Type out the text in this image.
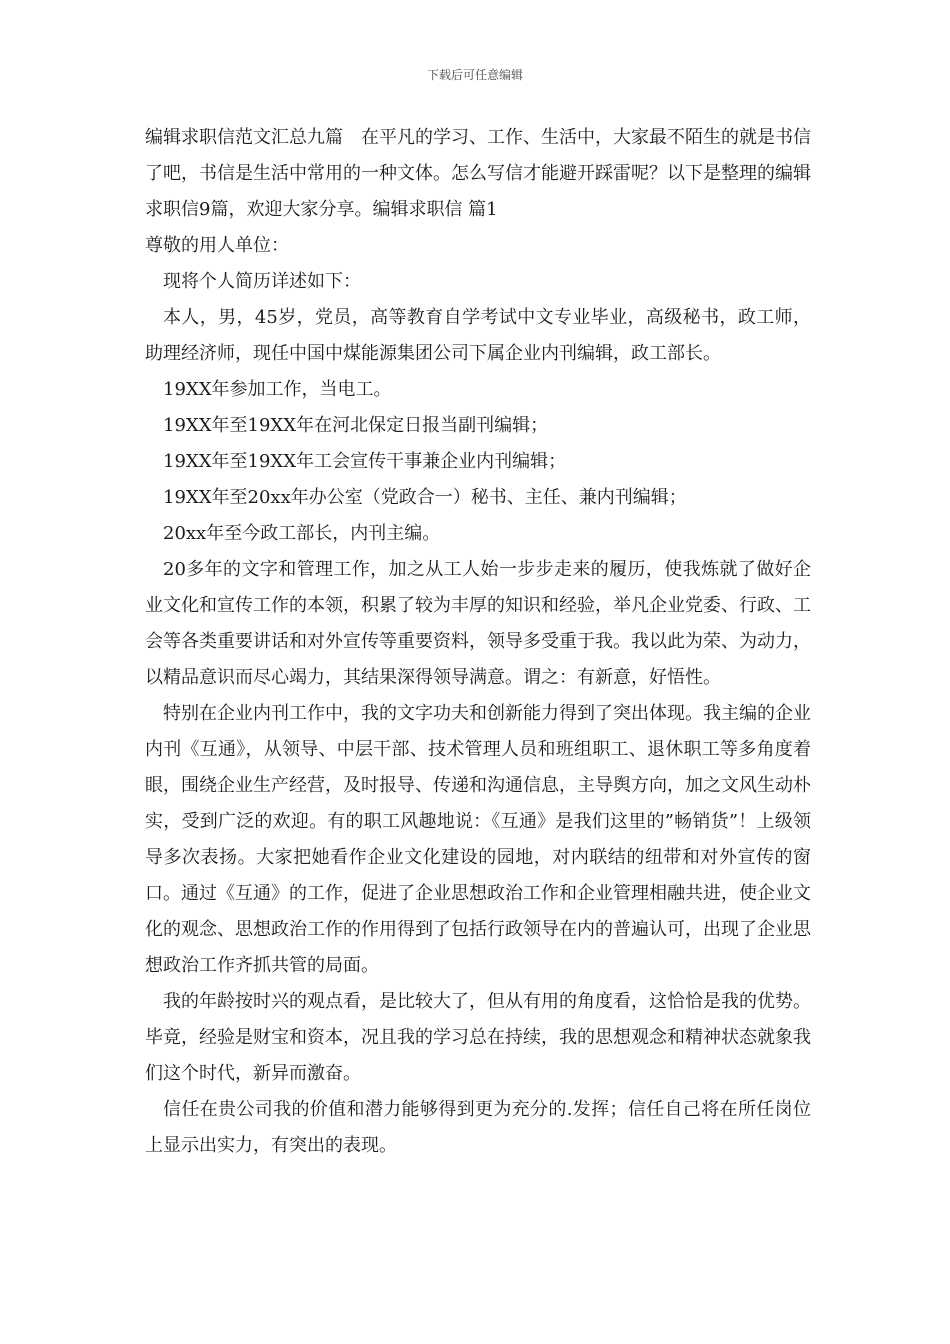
下载后可任意编辑

编辑求职信范文汇总九篇　在平凡的学习、工作、生活中，大家最不陌生的就是书信了吧，书信是生活中常用的一种文体。怎么写信才能避开踩雷呢？以下是整理的编辑求职信9篇，欢迎大家分享。编辑求职信 篇1

尊敬的用人单位：

现将个人简历详述如下：

本人，男，45岁，党员，高等教育自学考试中文专业毕业，高级秘书，政工师，助理经济师，现任中国中煤能源集团公司下属企业内刊编辑，政工部长。

19XX年参加工作，当电工。

19XX年至19XX年在河北保定日报当副刊编辑；

19XX年至19XX年工会宣传干事兼企业内刊编辑；

19XX年至20xx年办公室（党政合一）秘书、主任、兼内刊编辑；

20xx年至今政工部长，内刊主编。

20多年的文字和管理工作，加之从工人始一步步走来的履历，使我炼就了做好企业文化和宣传工作的本领，积累了较为丰厚的知识和经验，举凡企业党委、行政、工会等各类重要讲话和对外宣传等重要资料，领导多受重于我。我以此为荣、为动力，以精品意识而尽心竭力，其结果深得领导满意。谓之：有新意，好悟性。

特别在企业内刊工作中，我的文字功夫和创新能力得到了突出体现。我主编的企业内刊《互通》，从领导、中层干部、技术管理人员和班组职工、退休职工等多角度着眼，围绕企业生产经营，及时报导、传递和沟通信息，主导舆方向，加之文风生动朴实，受到广泛的欢迎。有的职工风趣地说：《互通》是我们这里的”畅销货”！上级领导多次表扬。大家把她看作企业文化建设的园地，对内联结的纽带和对外宣传的窗口。通过《互通》的工作，促进了企业思想政治工作和企业管理相融共进，使企业文化的观念、思想政治工作的作用得到了包括行政领导在内的普遍认可，出现了企业思想政治工作齐抓共管的局面。

我的年龄按时兴的观点看，是比较大了，但从有用的角度看，这恰恰是我的优势。毕竟，经验是财宝和资本，况且我的学习总在持续，我的思想观念和精神状态就象我们这个时代，新异而激奋。

信任在贵公司我的价值和潜力能够得到更为充分的.发挥；信任自己将在所任岗位上显示出实力，有突出的表现。
